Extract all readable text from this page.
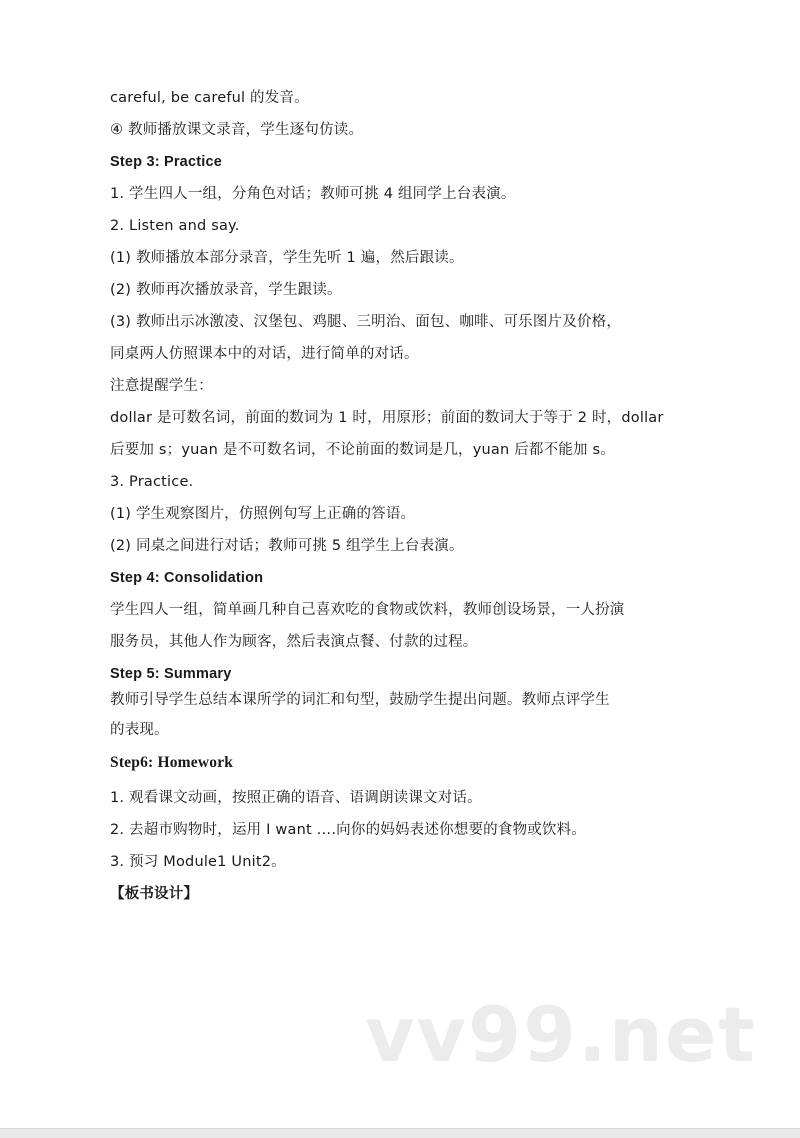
careful, be careful 的发音。
④ 教师播放课文录音，学生逐句仿读。
Step 3: Practice
1. 学生四人一组，分角色对话；教师可挑 4 组同学上台表演。
2. Listen and say.
(1) 教师播放本部分录音，学生先听 1 遍，然后跟读。
(2) 教师再次播放录音，学生跟读。
(3) 教师出示冰激凌、汉堡包、鸡腿、三明治、面包、咖啡、可乐图片及价格，
同桌两人仿照课本中的对话，进行简单的对话。
注意提醒学生：
dollar 是可数名词，前面的数词为 1 时，用原形；前面的数词大于等于 2 时，dollar
后要加 s；yuan 是不可数名词，不论前面的数词是几，yuan 后都不能加 s。
3. Practice.
(1) 学生观察图片，仿照例句写上正确的答语。
(2) 同桌之间进行对话；教师可挑 5 组学生上台表演。
Step 4: Consolidation
学生四人一组，简单画几种自己喜欢吃的食物或饮料，教师创设场景，一人扮演
服务员，其他人作为顾客，然后表演点餐、付款的过程。
Step 5: Summary
教师引导学生总结本课所学的词汇和句型，鼓励学生提出问题。教师点评学生
的表现。
Step6: Homework
1. 观看课文动画，按照正确的语音、语调朗读课文对话。
2. 去超市购物时，运用 I want ….向你的妈妈表述你想要的食物或饮料。
3. 预习 Module1 Unit2。
【板书设计】
vv99.net
